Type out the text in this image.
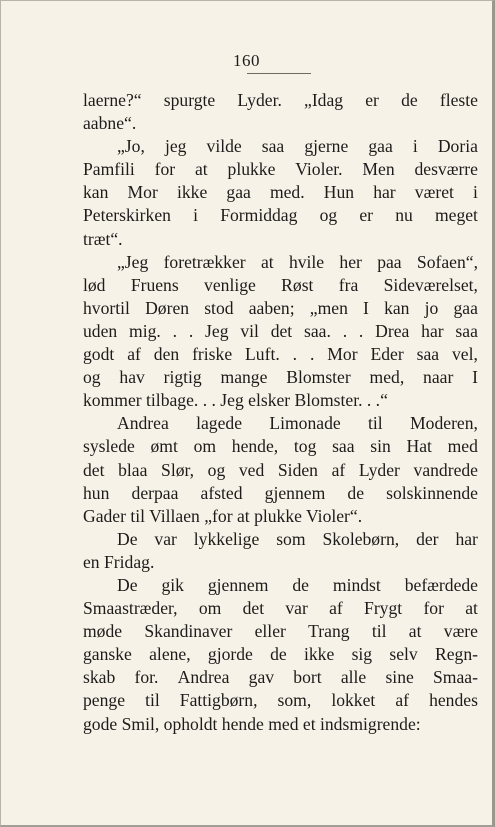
160
laerne?“ spurgte Lyder. „Idag er de fleste
aabne“.
„Jo, jeg vilde saa gjerne gaa i Doria
Pamfili for at plukke Violer. Men desværre
kan Mor ikke gaa med. Hun har været i
Peterskirken i Formiddag og er nu meget
træt“.
„Jeg foretrækker at hvile her paa Sofaen“,
lød Fruens venlige Røst fra Sideværelset,
hvortil Døren stod aaben; „men I kan jo gaa
uden mig. . . Jeg vil det saa. . . Drea har saa
godt af den friske Luft. . . Mor Eder saa vel,
og hav rigtig mange Blomster med, naar I
kommer tilbage. . . Jeg elsker Blomster. . .“
Andrea lagede Limonade til Moderen,
syslede ømt om hende, tog saa sin Hat med
det blaa Slør, og ved Siden af Lyder vandrede
hun derpaa afsted gjennem de solskinnende
Gader til Villaen „for at plukke Violer“.
De var lykkelige som Skolebørn, der har
en Fridag.
De gik gjennem de mindst befærdede
Smaastræder, om det var af Frygt for at
møde Skandinaver eller Trang til at være
ganske alene, gjorde de ikke sig selv Regn-
skab for. Andrea gav bort alle sine Smaa-
penge til Fattigbørn, som, lokket af hendes
gode Smil, opholdt hende med et indsmigrende:
